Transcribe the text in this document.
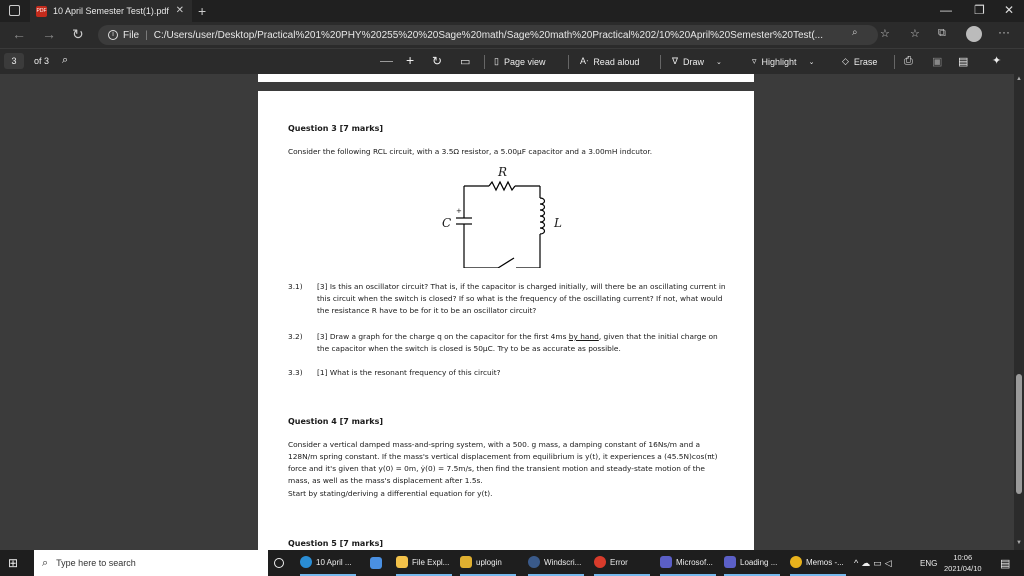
PDF 10 April Semester Test(1).pdf ✕ +	— ❐ ✕
← → ↻	i File | C:/Users/user/Desktop/Practical%201%20PHY%20255%20%20Sage%20math/Sage%20math%20Practical%202/10%20April%20Semester%20Test(...	⌕ ☆ ☆ ⧉	···
3	of 3 ⌕	— + ↻ ▭	▯ Page view	A͏ᐧ Read aloud	∇ Draw ⌄	▿ Highlight ⌄	◇ Erase ⎙ ▣ ▤ ✦
Question 3 [7 marks]
Consider the following RCL circuit, with a 3.5Ω resistor, a 5.00μF capacitor and a 3.00mH indcutor.
R
C
+
L
3.1) [3] Is this an oscillator circuit? That is, if the capacitor is charged initially, will there be an oscillating current in this circuit when the switch is closed? If so what is the frequency of the oscillating current? If not, what would the resistance R have to be for it to be an oscillator circuit?
3.2) [3] Draw a graph for the charge q on the capacitor for the first 4ms by hand, given that the initial charge on the capacitor when the switch is closed is 50μC. Try to be as accurate as possible.
3.3) [1] What is the resonant frequency of this circuit?
Question 4 [7 marks]
Consider a vertical damped mass-and-spring system, with a 500. g mass, a damping constant of 16Ns/m and a 128N/m spring constant. If the mass's vertical displacement from equilibrium is y(t), it experiences a (45.5N)cos(πt) force and it's given that y(0) = 0m, ẏ(0) = 7.5m/s, then find the transient motion and steady-state motion of the mass, as well as the mass's displacement after 1.5s.
Start by stating/deriving a differential equation for y(t).
Question 5 [7 marks]
▲
▼
⊞ ⌕ Type here to search	10 April ...	File Expl...	uplogin	Windscri...	Error	Microsof...	Loading ...	Memos -... ^ ☁ ▭ ◁	ENG
10:06
2021/04/10 ▤
